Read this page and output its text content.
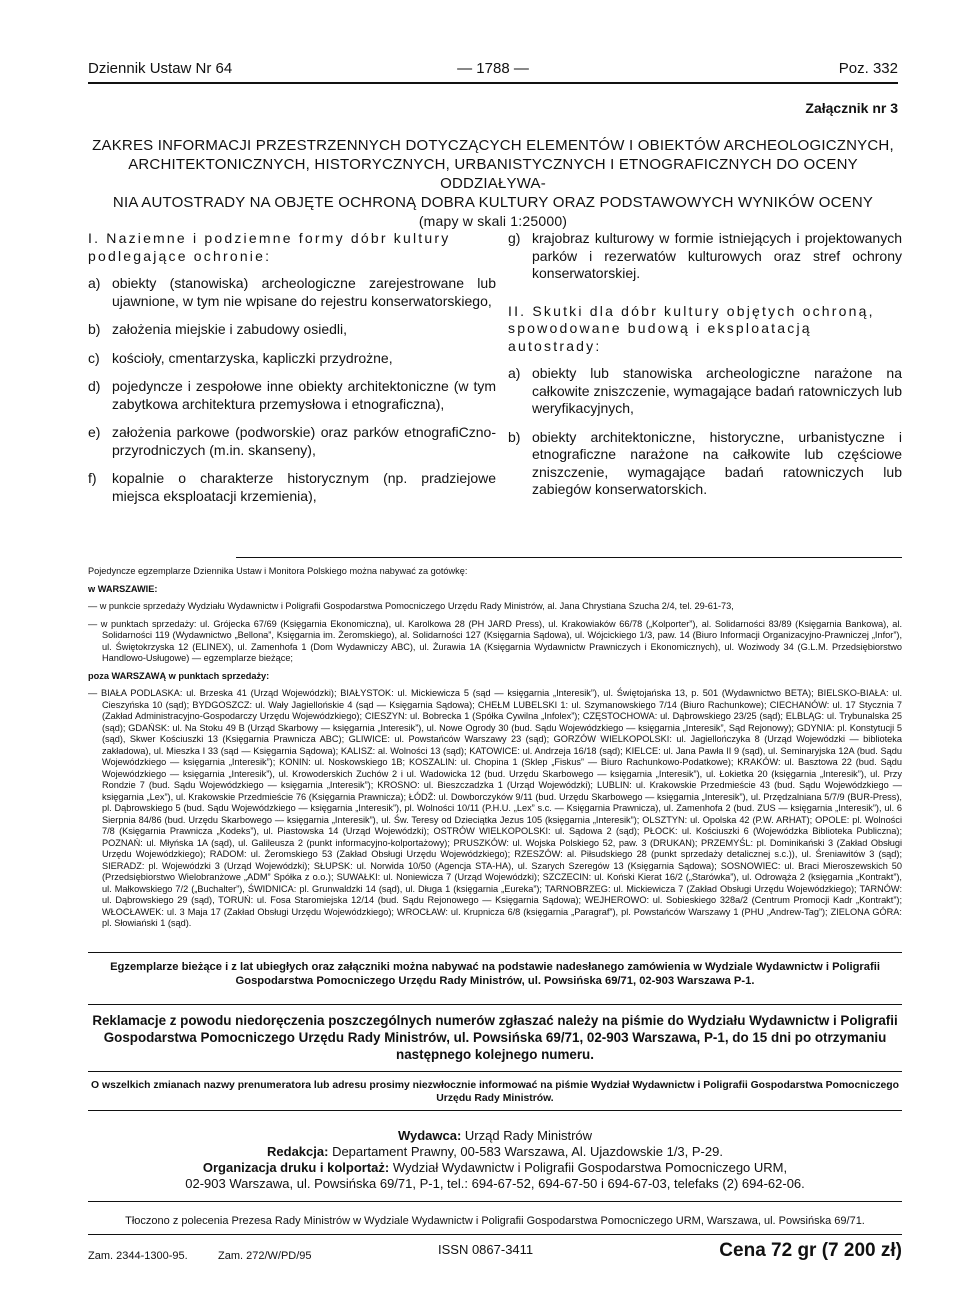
Dziennik Ustaw Nr 64	— 1788 —	Poz. 332
Załącznik nr 3
ZAKRES INFORMACJI PRZESTRZENNYCH DOTYCZĄCYCH ELEMENTÓW I OBIEKTÓW ARCHEOLOGICZNYCH,
ARCHITEKTONICZNYCH, HISTORYCZNYCH, URBANISTYCZNYCH I ETNOGRAFICZNYCH DO OCENY ODDZIAŁYWA-
NIA AUTOSTRADY NA OBJĘTE OCHRONĄ DOBRA KULTURY ORAZ PODSTAWOWYCH WYNIKÓW OCENY
(mapy w skali 1:25000)
I. Naziemne i podziemne formy dóbr kultury podlegające ochronie:
a) obiekty (stanowiska) archeologiczne zarejestrowane lub ujawnione, w tym nie wpisane do rejestru konserwatorskiego,
b) założenia miejskie i zabudowy osiedli,
c) kościoły, cmentarzyska, kapliczki przydrożne,
d) pojedyncze i zespołowe inne obiekty architektoniczne (w tym zabytkowa architektura przemysłowa i etnograficzna),
e) założenia parkowe (podworskie) oraz parków etnografiCzno-przyrodniczych (m.in. skanseny),
f)	kopalnie o charakterze historycznym (np. pradziejowe miejsca eksploatacji krzemienia),
g) krajobraz kulturowy w formie istniejących i projektowanych parków i rezerwatów kulturowych oraz stref ochrony konserwatorskiej.
II. Skutki dla dóbr kultury objętych ochroną, spowodowane budową i eksploatacją autostrady:
a) obiekty lub stanowiska archeologiczne narażone na całkowite zniszczenie, wymagające badań ratowniczych lub weryfikacyjnych,
b) obiekty architektoniczne, historyczne, urbanistyczne i etnograficzne narażone na całkowite lub częściowe zniszczenie, wymagające badań ratowniczych lub zabiegów konserwatorskich.

Pojedyncze egzemplarze Dziennika Ustaw i Monitora Polskiego można nabywać za gotówkę:

w WARSZAWIE:

— w punkcie sprzedaży Wydziału Wydawnictw i Poligrafii Gospodarstwa Pomocniczego Urzędu Rady Ministrów, al. Jana Chrystiana Szucha 2/4, tel. 29-61-73,

— w punktach sprzedaży: ul. Grójecka 67/69 (Księgarnia Ekonomiczna), ul. Karolkowa 28 (PH JARD Press), ul. Krakowiaków 66/78 („Kolporter”), al. Solidarności 83/89 (Księgarnia Bankowa), al. Solidarności 119 (Wydawnictwo „Bellona”, Księgarnia im. Żeromskiego), al. Solidarności 127 (Księgarnia Sądowa), ul. Wójcickiego 1/3, paw. 14 (Biuro Informacji Organizacyjno-Prawniczej „Infor”), ul. Świętokrzyska 12 (ELINEX), ul. Zamenhofa 1 (Dom Wydawniczy ABC), ul. Żurawia 1A (Księgarnia Wydawnictw Prawniczych i Ekonomicznych), ul. Woziwody 34 (G.L.M. Przedsiębiorstwo Handlowo-Usługowe) — egzemplarze bieżące;

poza WARSZAWĄ w punktach sprzedaży:

— BIAŁA PODLASKA: ul. Brzeska 41 (Urząd Wojewódzki); BIAŁYSTOK: ul. Mickiewicza 5 (sąd — księgarnia „Interesik”), ul. Świętojańska 13, p. 501 (Wydawnictwo BETA); BIELSKO-BIAŁA: ul. Cieszyńska 10 (sąd); BYDGOSZCZ: ul. Wały Jagiellońskie 4 (sąd — Księgarnia Sądowa); CHEŁM LUBELSKI 1: ul. Szymanowskiego 7/14 (Biuro Rachunkowe); CIECHANÓW: ul. 17 Stycznia 7 (Zakład Administracyjno-Gospodarczy Urzędu Wojewódzkiego); CIESZYN: ul. Bobrecka 1 (Spółka Cywilna „Infolex”); CZĘSTOCHOWA: ul. Dąbrowskiego 23/25 (sąd); ELBLĄG: ul. Trybunalska 25 (sąd); GDAŃSK: ul. Na Stoku 49 B (Urząd Skarbowy — księgarnia „Interesik”), ul. Nowe Ogrody 30 (bud. Sądu Wojewódzkiego — księgarnia „Interesik”, Sąd Rejonowy); GDYNIA: pl. Konstytucji 5 (sąd), Skwer Kościuszki 13 (Księgarnia Prawnicza ABC); GLIWICE: ul. Powstańców Warszawy 23 (sąd); GORZÓW WIELKOPOLSKI: ul. Jagiellończyka 8 (Urząd Wojewódzki — biblioteka zakładowa), ul. Mieszka I 33 (sąd — Księgarnia Sądowa); KALISZ: al. Wolności 13 (sąd); KATOWICE: ul. Andrzeja 16/18 (sąd); KIELCE: ul. Jana Pawła II 9 (sąd), ul. Seminaryjska 12A (bud. Sądu Wojewódzkiego — księgarnia „Interesik”); KONIN: ul. Noskowskiego 1B; KOSZALIN: ul. Chopina 1 (Sklep „Fiskus” — Biuro Rachunkowo-Podatkowe); KRAKÓW: ul. Basztowa 22 (bud. Sądu Wojewódzkiego — księgarnia „Interesik”), ul. Krowoderskich Zuchów 2 i ul. Wadowicka 12 (bud. Urzędu Skarbowego — księgarnia „Interesik”), ul. Łokietka 20 (księgarnia „Interesik”), ul. Przy Rondzie 7 (bud. Sądu Wojewódzkiego — księgarnia „Interesik”); KROSNO: ul. Bieszczadzka 1 (Urząd Wojewódzki); LUBLIN: ul. Krakowskie Przedmieście 43 (bud. Sądu Wojewódzkiego — księgarnia „Lex”), ul. Krakowskie Przedmieście 76 (Księgarnia Prawnicza); ŁÓDŹ: ul. Dowborczyków 9/11 (bud. Urzędu Skarbowego — księgarnia „Interesik”), ul. Przędzalniana 5/7/9 (BUR-Press), pl. Dąbrowskiego 5 (bud. Sądu Wojewódzkiego — księgarnia „Interesik”), pl. Wolności 10/11 (P.H.U. „Lex” s.c. — Księgarnia Prawnicza), ul. Zamenhofa 2 (bud. ZUS — księgarnia „Interesik”), ul. 6 Sierpnia 84/86 (bud. Urzędu Skarbowego — księgarnia „Interesik”), ul. Św. Teresy od Dzieciątka Jezus 105 (księgarnia „Interesik”); OLSZTYN: ul. Opolska 42 (P.W. ARHAT); OPOLE: pl. Wolności 7/8 (Księgarnia Prawnicza „Kodeks”), ul. Piastowska 14 (Urząd Wojewódzki); OSTRÓW WIELKOPOLSKI: ul. Sądowa 2 (sąd); PŁOCK: ul. Kościuszki 6 (Wojewódzka Biblioteka Publiczna); POZNAŃ: ul. Młyńska 1A (sąd), ul. Galileusza 2 (punkt informacyjno-kolportażowy); PRUSZKÓW: ul. Wojska Polskiego 52, paw. 3 (DRUKAN); PRZEMYŚL: pl. Dominikański 3 (Zakład Obsługi Urzędu Wojewódzkiego); RADOM: ul. Żeromskiego 53 (Zakład Obsługi Urzędu Wojewódzkiego); RZESZÓW: al. Piłsudskiego 28 (punkt sprzedaży detalicznej s.c.)), ul. Śreniawitów 3 (sąd); SIERADZ: pl. Wojewódzki 3 (Urząd Wojewódzki); SŁUPSK: ul. Norwida 10/50 (Agencja STA-HA), ul. Szarych Szeregów 13 (Księgarnia Sądowa); SOSNOWIEC: ul. Braci Mieroszewskich 50 (Przedsiębiorstwo Wielobranżowe „ADM” Spółka z o.o.); SUWAŁKI: ul. Noniewicza 7 (Urząd Wojewódzki); SZCZECIN: ul. Koński Kierat 16/2 („Starówka”), ul. Odrowąża 2 (księgarnia „Kontrakt”), ul. Małkowskiego 7/2 („Buchalter”), ŚWIDNICA: pl. Grunwaldzki 14 (sąd), ul. Długa 1 (księgarnia „Eureka”); TARNOBRZEG: ul. Mickiewicza 7 (Zakład Obsługi Urzędu Wojewódzkiego); TARNÓW: ul. Dąbrowskiego 29 (sąd), TORUŃ: ul. Fosa Staromiejska 12/14 (bud. Sądu Rejonowego — Księgarnia Sądowa); WEJHEROWO: ul. Sobieskiego 328a/2 (Centrum Promocji Kadr „Kontrakt”); WŁOCŁAWEK: ul. 3 Maja 17 (Zakład Obsługi Urzędu Wojewódzkiego); WROCŁAW: ul. Krupnicza 6/8 (księgarnia „Paragraf”), pl. Powstańców Warszawy 1 (PHU „Andrew-Tag”); ZIELONA GÓRA: pl. Słowiański 1 (sąd).

Egzemplarze bieżące i z lat ubiegłych oraz załączniki można nabywać na podstawie nadesłanego zamówienia w Wydziale Wydawnictw i Poligrafii Gospodarstwa Pomocniczego Urzędu Rady Ministrów, ul. Powsińska 69/71, 02-903 Warszawa P-1.
Reklamacje z powodu niedoręczenia poszczególnych numerów zgłaszać należy na piśmie do Wydziału Wydawnictw i Poligrafii Gospodarstwa Pomocniczego Urzędu Rady Ministrów, ul. Powsińska 69/71, 02-903 Warszawa, P-1, do 15 dni po otrzymaniu następnego kolejnego numeru.
O wszelkich zmianach nazwy prenumeratora lub adresu prosimy niezwłocznie informować na piśmie Wydział Wydawnictw i Poligrafii Gospodarstwa Pomocniczego Urzędu Rady Ministrów.
Wydawca: Urząd Rady Ministrów
Redakcja: Departament Prawny, 00-583 Warszawa, Al. Ujazdowskie 1/3, P-29.
Organizacja druku i kolportaż: Wydział Wydawnictw i Poligrafii Gospodarstwa Pomocniczego URM,
02-903 Warszawa, ul. Powsińska 69/71, P-1, tel.: 694-67-52, 694-67-50 i 694-67-03, telefaks (2) 694-62-06.
Tłoczono z polecenia Prezesa Rady Ministrów w Wydziale Wydawnictw i Poligrafii Gospodarstwa Pomocniczego URM, Warszawa, ul. Powsińska 69/71.
Zam. 2344-1300-95.	Zam. 272/W/PD/95	ISSN 0867-3411	Cena 72 gr (7 200 zł)
